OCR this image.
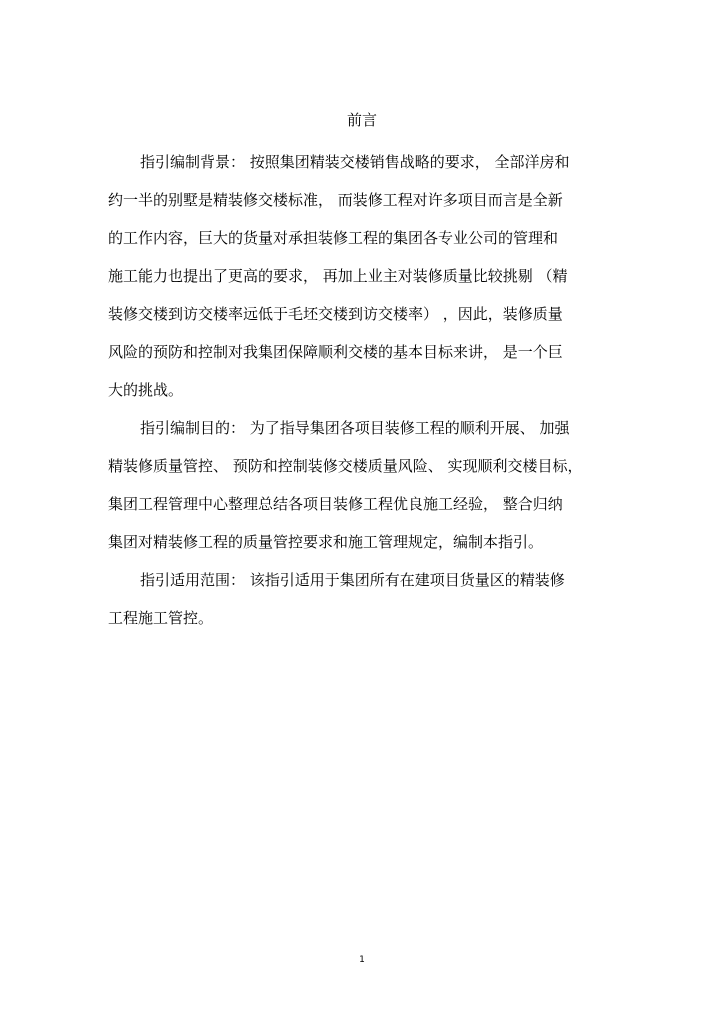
前言
指引编制背景： 按照集团精装交楼销售战略的要求， 全部洋房和
约一半的别墅是精装修交楼标准， 而装修工程对许多项目而言是全新
的工作内容，巨大的货量对承担装修工程的集团各专业公司的管理和
施工能力也提出了更高的要求， 再加上业主对装修质量比较挑剔 （精
装修交楼到访交楼率远低于毛坯交楼到访交楼率） ，因此，装修质量
风险的预防和控制对我集团保障顺利交楼的基本目标来讲， 是一个巨
大的挑战。
指引编制目的： 为了指导集团各项目装修工程的顺利开展、 加强
精装修质量管控、 预防和控制装修交楼质量风险、 实现顺利交楼目标，
集团工程管理中心整理总结各项目装修工程优良施工经验， 整合归纳
集团对精装修工程的质量管控要求和施工管理规定，编制本指引。
指引适用范围： 该指引适用于集团所有在建项目货量区的精装修
工程施工管控。
1
